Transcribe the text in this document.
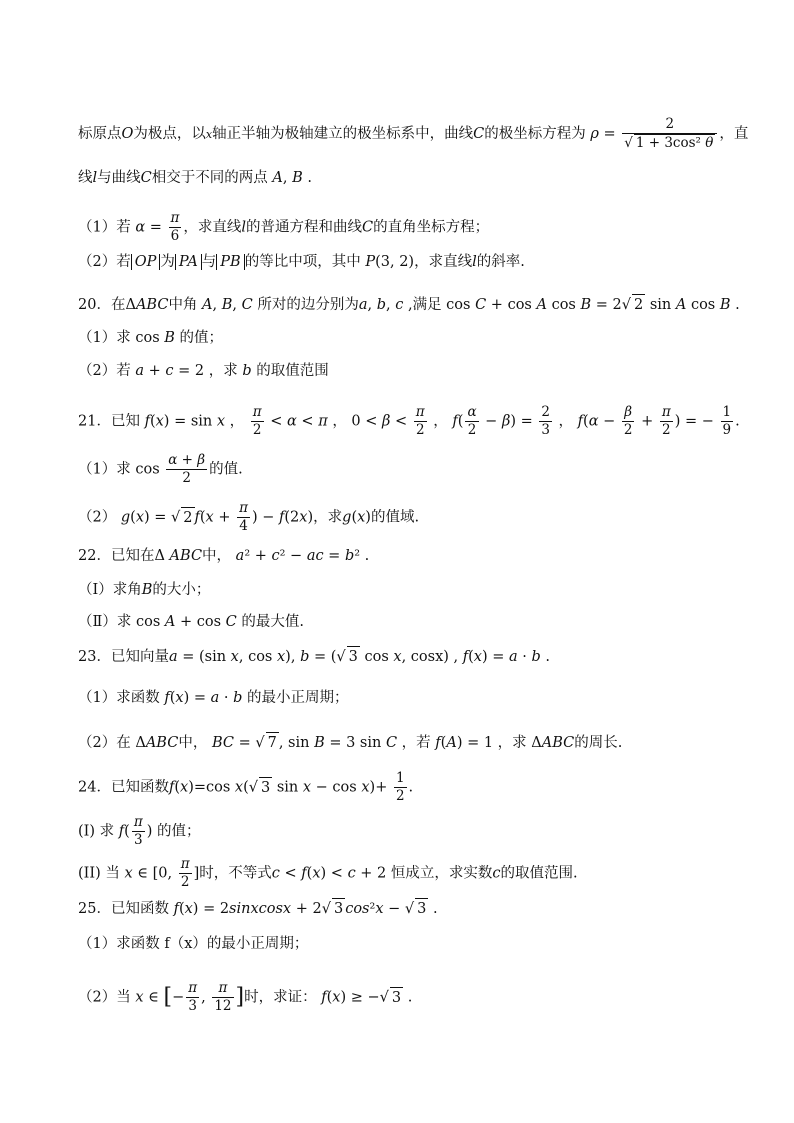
标原点O为极点，以x轴正半轴为极轴建立的极坐标系中，曲线C的极坐标方程为 $\rho = \frac{2}{\text{√ 1 + 3cos² θ}}$ ，直
线l与曲线C相交于不同的两点 A, B .
（1）若 $\alpha = \frac{\pi}{6}$ ，求直线l的普通方程和曲线C的直角坐标方程；
（2）若 OP 为 PA 与 PB 的等比中项，其中 P(3, 2)，求直线l的斜率.
20．在ΔABC中角 A, B, C 所对的边分别为a, b, c ,满足 cos C + cos A cos B = 2√ 2 sin A cos B .
（1）求 cos B 的值；
（2）若 a + c = 2 ，求 b 的取值范围
21．已知 f(x) = sin x ， $\frac{\pi}{2} < \alpha < \pi$ ， $0 < \beta < \frac{\pi}{2}$ ， $f( \frac{\alpha}{2} - \beta) = \frac{2}{3}$ ， $f(\alpha - \frac{\beta}{2} + \frac{\pi}{2}$ ) = − $\frac{1}{9}$ .
（1）求 $\cos \frac{\alpha + \beta}{2}$ 的值.
（2） g(x) = √ 2 $f(x + \frac{\pi}{4}$ ) − f(2x)，求g(x)的值域.
22．已知在Δ ABC中， a² + c² − ac = b² .
（Ⅰ）求角B的大小；
（Ⅱ）求 cos A + cos C 的最大值.
23．已知向量a = (sin x, cos x), b = (√ 3 cos x, cosx) , f(x) = a · b .
（1）求函数 f(x) = a · b 的最小正周期；
（2）在 ΔABC中， BC = √ 7 , sin B = 3 sin C ，若 f(A) = 1 ，求 ΔABC的周长.
24．已知函数f(x)=cos x(√ 3 $\sin x - \cos x)+ \frac{1}{2}$ .
(I) 求 $f( \frac{\pi}{3}$ ) 的值；
(II) 当 x ∈ [0, $\frac{\pi}{2}$ ]时，不等式c < f(x) < c + 2 恒成立，求实数c的取值范围.
25．已知函数 f(x) = 2sinxcosx + 2√ 3 cos²x − √ 3 .
（1）求函数 f（x）的最小正周期；
（2）当 x ∈ [− $\frac{\pi}{3}$ , $\frac{\pi}{12}$ ]时，求证： f(x) ≥ −√ 3 .
